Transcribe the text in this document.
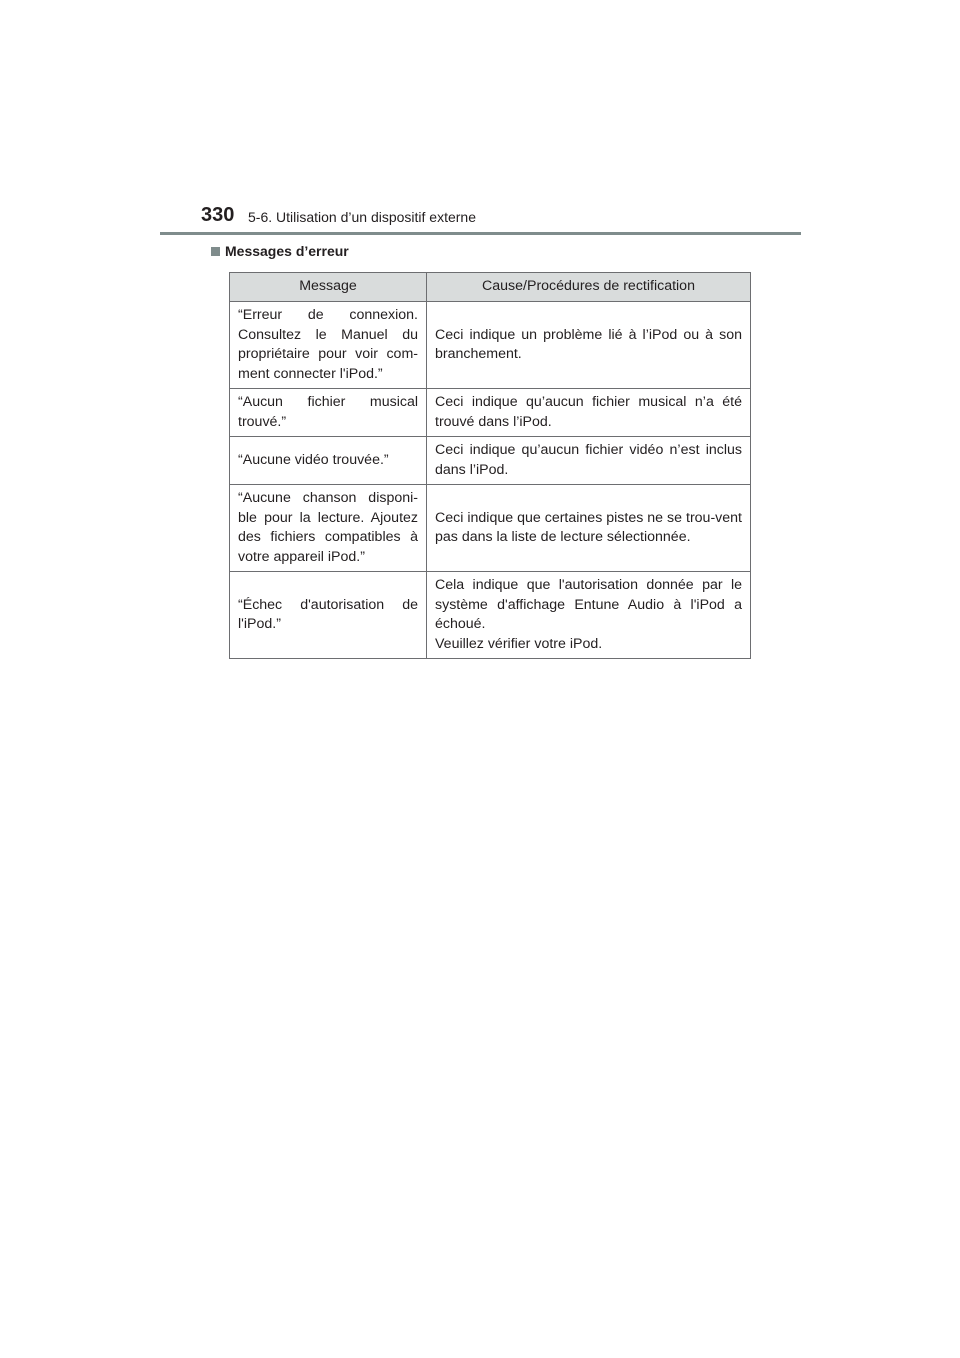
330 5-6. Utilisation d’un dispositif externe
Messages d’erreur
Message	Cause/Procédures de rectification
“Erreur de connexion. Consultez le Manuel du propriétaire pour voir com-ment connecter l'iPod.”	Ceci indique un problème lié à l’iPod ou à son branchement.

“Aucun fichier musical trouvé.”	Ceci indique qu’aucun fichier musical n’a été trouvé dans l’iPod.

“Aucune vidéo trouvée.”	Ceci indique qu’aucun fichier vidéo n’est inclus dans l’iPod.

“Aucune chanson disponi-ble pour la lecture. Ajoutez des fichiers compatibles à votre appareil iPod.”	Ceci indique que certaines pistes ne se trou-vent pas dans la liste de lecture sélectionnée.

“Échec d'autorisation de l'iPod.”	Cela indique que l'autorisation donnée par le système d'affichage Entune Audio à l'iPod a échoué.
Veuillez vérifier votre iPod.
